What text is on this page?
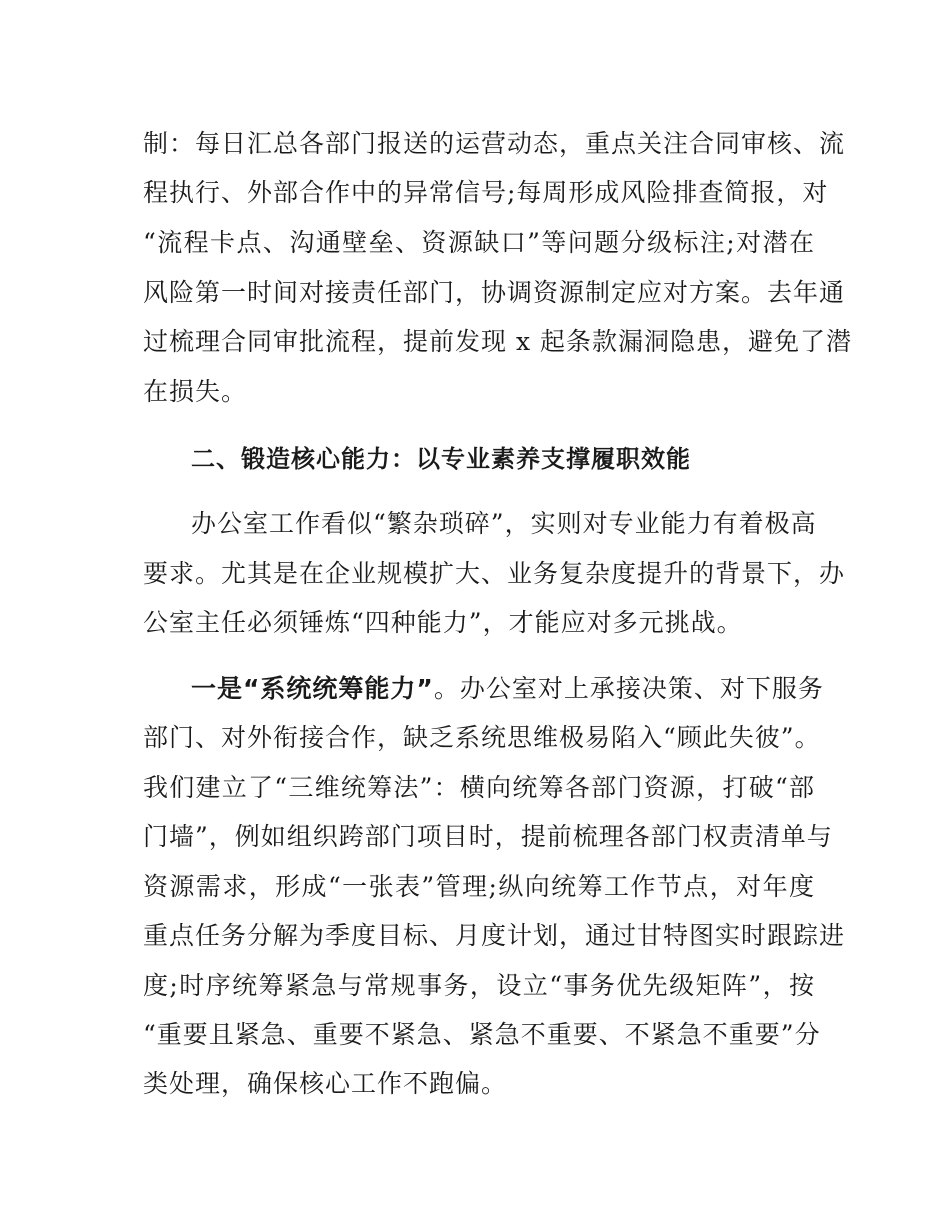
制：每日汇总各部门报送的运营动态，重点关注合同审核、流

程执行、外部合作中的异常信号;每周形成风险排查简报，对

“流程卡点、沟通壁垒、资源缺口”等问题分级标注;对潜在

风险第一时间对接责任部门，协调资源制定应对方案。去年通

过梳理合同审批流程，提前发现 x 起条款漏洞隐患，避免了潜

在损失。

二、锻造核心能力：以专业素养支撑履职效能

办公室工作看似“繁杂琐碎”，实则对专业能力有着极高

要求。尤其是在企业规模扩大、业务复杂度提升的背景下，办

公室主任必须锤炼“四种能力”，才能应对多元挑战。

一是“系统统筹能力”。办公室对上承接决策、对下服务

部门、对外衔接合作，缺乏系统思维极易陷入“顾此失彼”。

我们建立了“三维统筹法”：横向统筹各部门资源，打破“部

门墙”，例如组织跨部门项目时，提前梳理各部门权责清单与

资源需求，形成“一张表”管理;纵向统筹工作节点，对年度

重点任务分解为季度目标、月度计划，通过甘特图实时跟踪进

度;时序统筹紧急与常规事务，设立“事务优先级矩阵”，按

“重要且紧急、重要不紧急、紧急不重要、不紧急不重要”分

类处理，确保核心工作不跑偏。
